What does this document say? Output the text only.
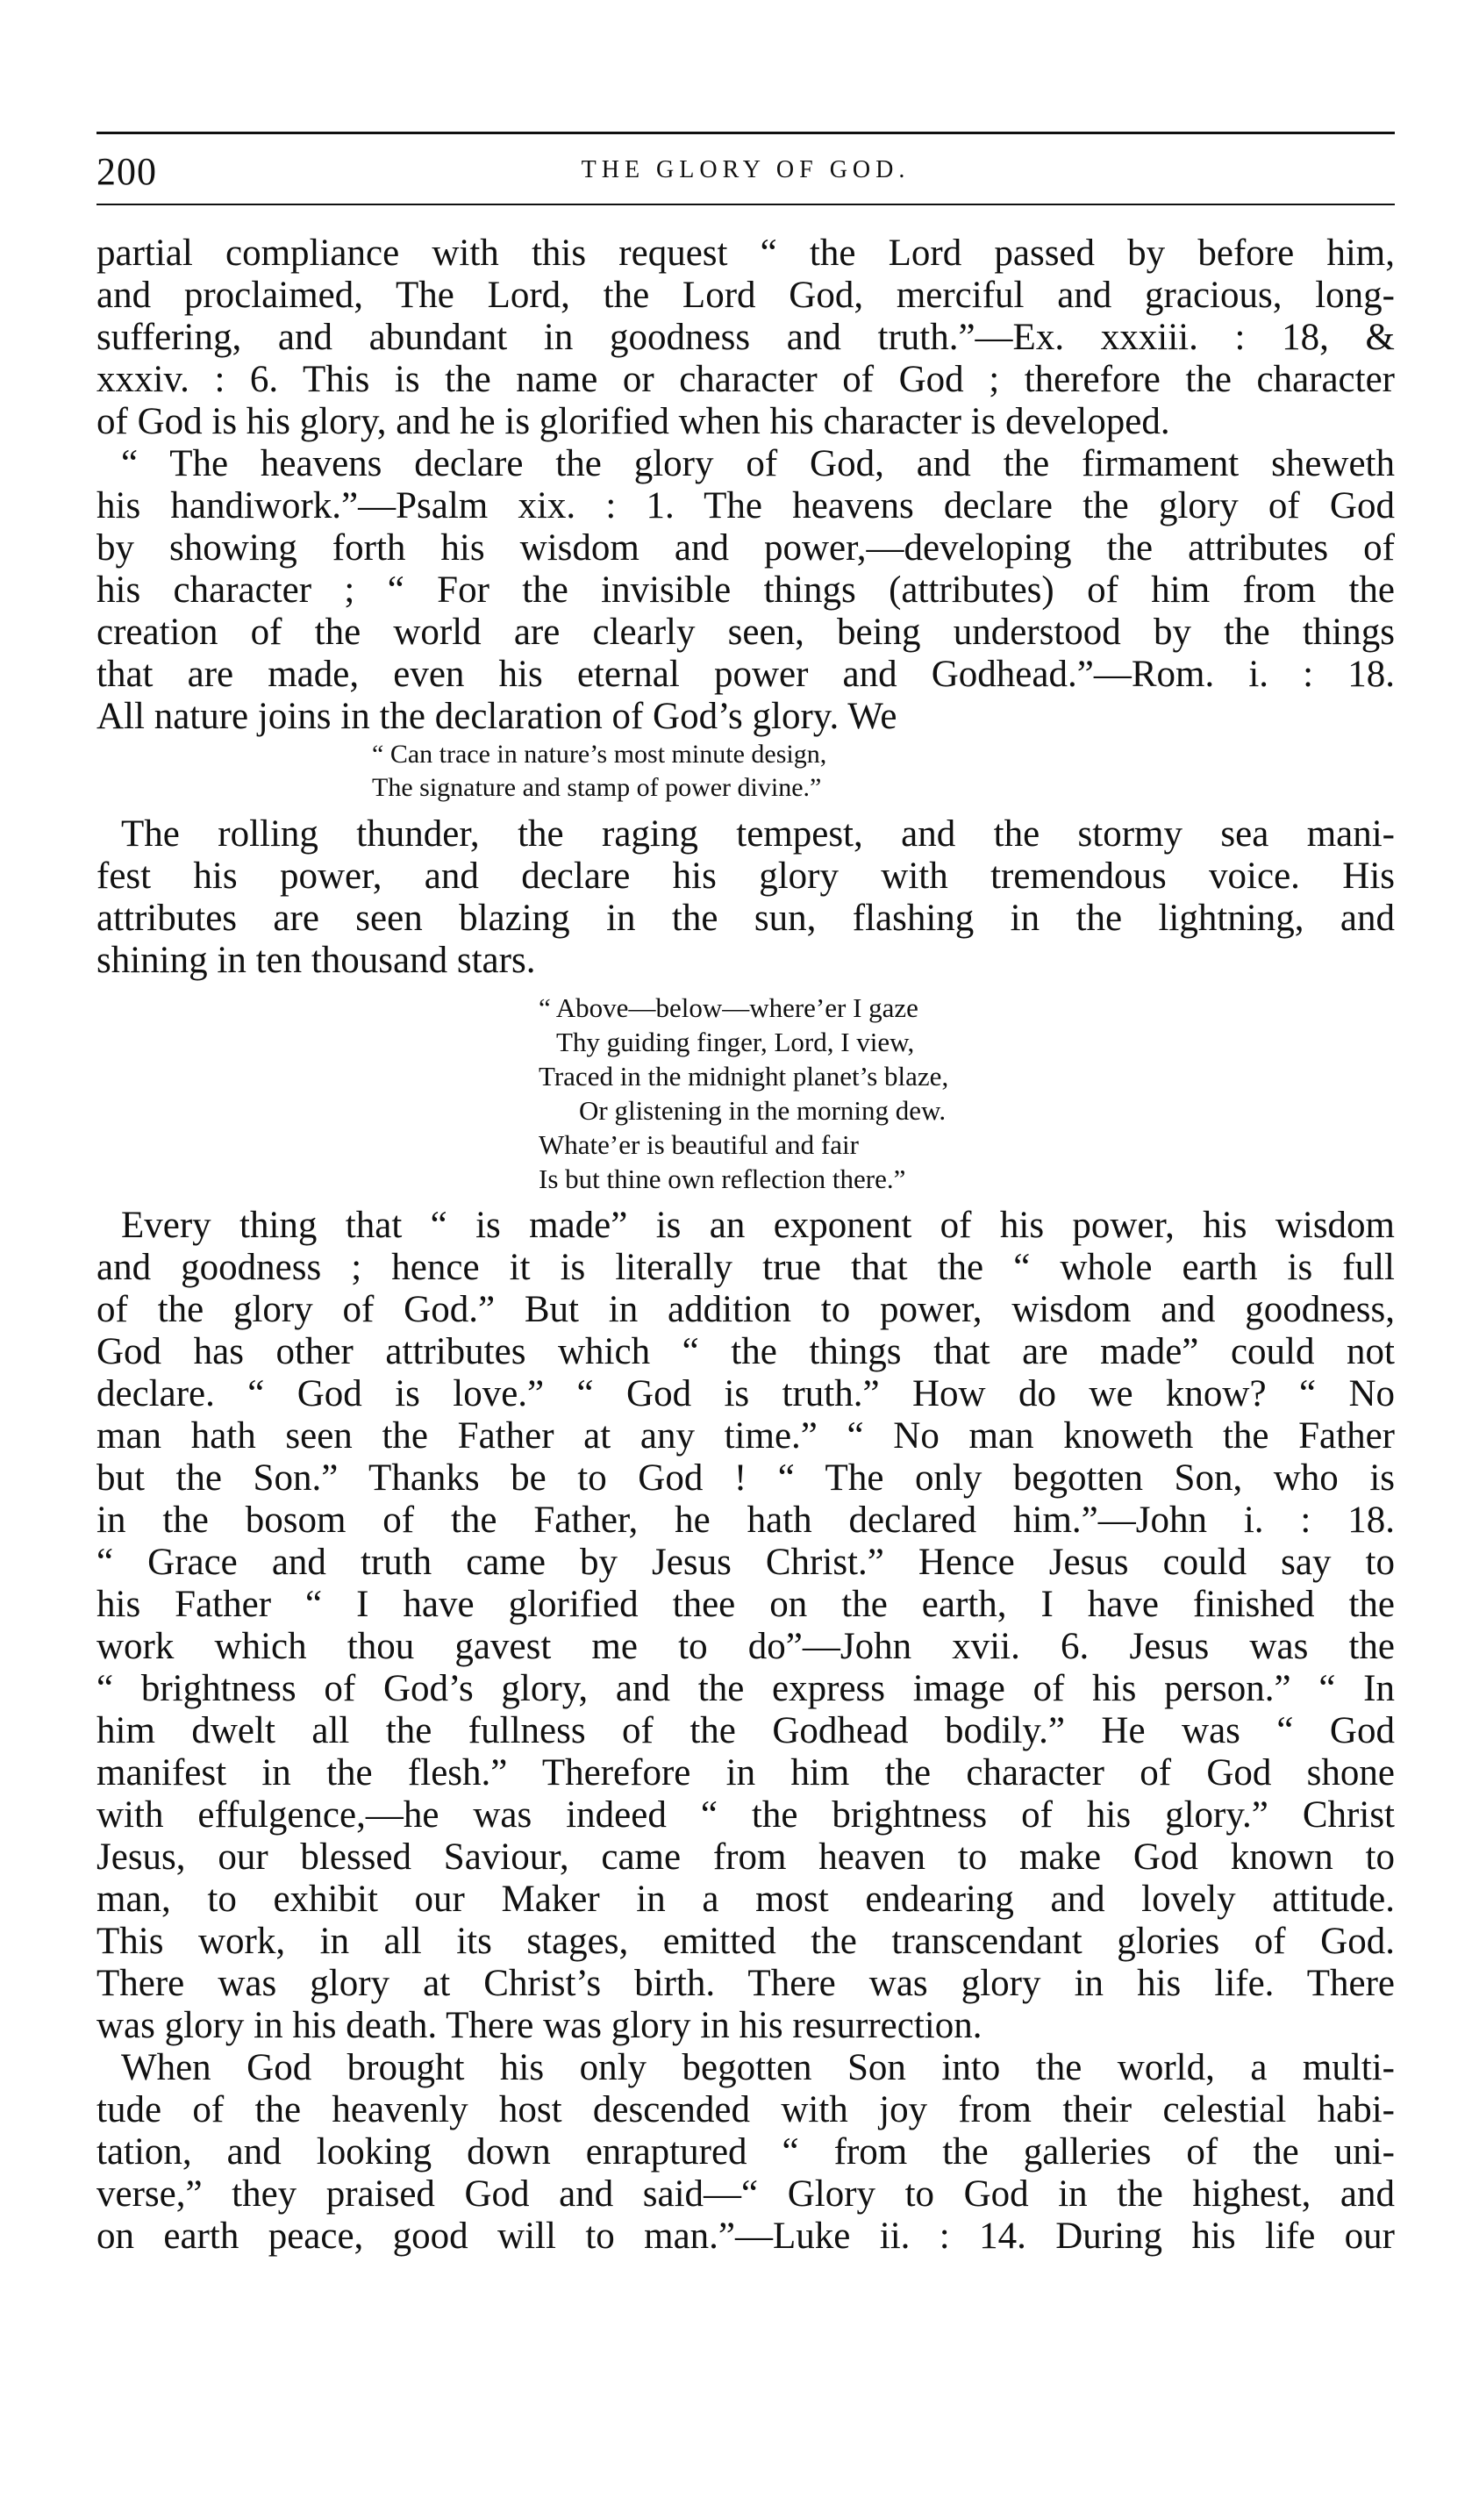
200	THE GLORY OF GOD.
partial compliance with this request “ the Lord passed by before him,
and proclaimed, The Lord, the Lord God, merciful and gracious, long-
suffering, and abundant in goodness and truth.”—Ex. xxxiii. : 18, &
xxxiv. : 6. This is the name or character of God ; therefore the character
of God is his glory, and he is glorified when his character is developed.
“ The heavens declare the glory of God, and the firmament sheweth
his handiwork.”—Psalm xix. : 1. The heavens declare the glory of God
by showing forth his wisdom and power,—developing the attributes of
his character ; “ For the invisible things (attributes) of him from the
creation of the world are clearly seen, being understood by the things
that are made, even his eternal power and Godhead.”—Rom. i. : 18.
All nature joins in the declaration of God’s glory. We
“ Can trace in nature’s most minute design,
The signature and stamp of power divine.”
The rolling thunder, the raging tempest, and the stormy sea mani-
fest his power, and declare his glory with tremendous voice. His
attributes are seen blazing in the sun, flashing in the lightning, and
shining in ten thousand stars.
“ Above—below—where’er I gaze
Thy guiding finger, Lord, I view,
Traced in the midnight planet’s blaze,
Or glistening in the morning dew.
Whate’er is beautiful and fair
Is but thine own reflection there.”
Every thing that “ is made” is an exponent of his power, his wisdom
and goodness ; hence it is literally true that the “ whole earth is full
of the glory of God.” But in addition to power, wisdom and goodness,
God has other attributes which “ the things that are made” could not
declare. “ God is love.” “ God is truth.” How do we know? “ No
man hath seen the Father at any time.” “ No man knoweth the Father
but the Son.” Thanks be to God ! “ The only begotten Son, who is
in the bosom of the Father, he hath declared him.”—John i. : 18.
“ Grace and truth came by Jesus Christ.” Hence Jesus could say to
his Father “ I have glorified thee on the earth, I have finished the
work which thou gavest me to do”—John xvii. 6. Jesus was the
“ brightness of God’s glory, and the express image of his person.” “ In
him dwelt all the fullness of the Godhead bodily.” He was “ God
manifest in the flesh.” Therefore in him the character of God shone
with effulgence,—he was indeed “ the brightness of his glory.” Christ
Jesus, our blessed Saviour, came from heaven to make God known to
man, to exhibit our Maker in a most endearing and lovely attitude.
This work, in all its stages, emitted the transcendant glories of God.
There was glory at Christ’s birth. There was glory in his life. There
was glory in his death. There was glory in his resurrection.
When God brought his only begotten Son into the world, a multi-
tude of the heavenly host descended with joy from their celestial habi-
tation, and looking down enraptured “ from the galleries of the uni-
verse,” they praised God and said—“ Glory to God in the highest, and
on earth peace, good will to man.”—Luke ii. : 14. During his life our
